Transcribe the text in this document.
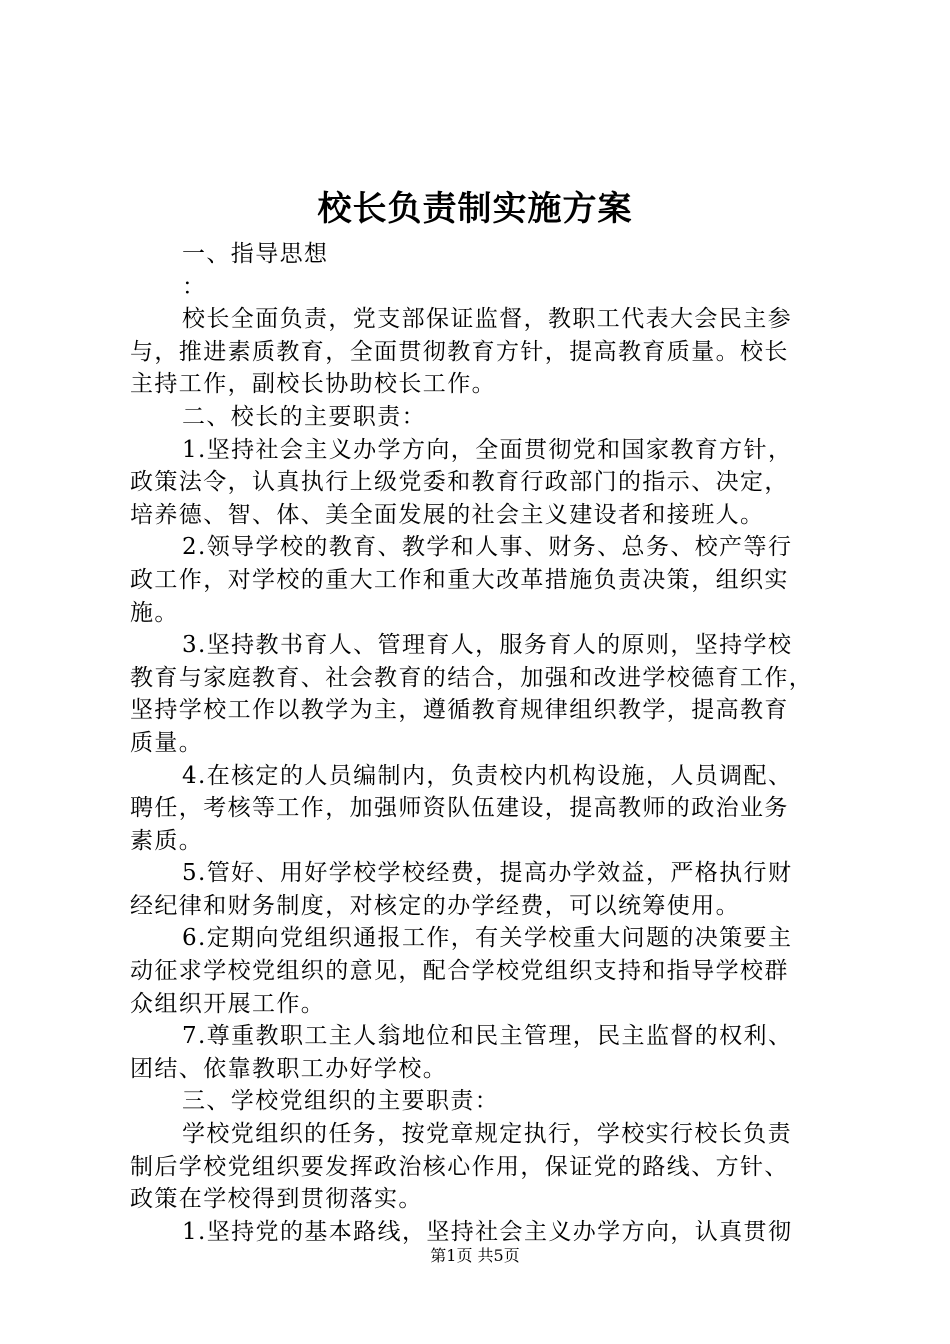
校长负责制实施方案
一、指导思想
：
校长全面负责，党支部保证监督，教职工代表大会民主参
与，推进素质教育，全面贯彻教育方针，提高教育质量。校长
主持工作，副校长协助校长工作。
二、校长的主要职责：
1.坚持社会主义办学方向，全面贯彻党和国家教育方针，
政策法令，认真执行上级党委和教育行政部门的指示、决定，
培养德、智、体、美全面发展的社会主义建设者和接班人。
2.领导学校的教育、教学和人事、财务、总务、校产等行
政工作，对学校的重大工作和重大改革措施负责决策，组织实
施。
3.坚持教书育人、管理育人，服务育人的原则，坚持学校
教育与家庭教育、社会教育的结合，加强和改进学校德育工作，
坚持学校工作以教学为主，遵循教育规律组织教学，提高教育
质量。
4.在核定的人员编制内，负责校内机构设施，人员调配、
聘任，考核等工作，加强师资队伍建设，提高教师的政治业务
素质。
5.管好、用好学校学校经费，提高办学效益，严格执行财
经纪律和财务制度，对核定的办学经费，可以统筹使用。
6.定期向党组织通报工作，有关学校重大问题的决策要主
动征求学校党组织的意见，配合学校党组织支持和指导学校群
众组织开展工作。
7.尊重教职工主人翁地位和民主管理，民主监督的权利、
团结、依靠教职工办好学校。
三、学校党组织的主要职责：
学校党组织的任务，按党章规定执行，学校实行校长负责
制后学校党组织要发挥政治核心作用，保证党的路线、方针、
政策在学校得到贯彻落实。
1.坚持党的基本路线，坚持社会主义办学方向，认真贯彻
第1页 共5页
